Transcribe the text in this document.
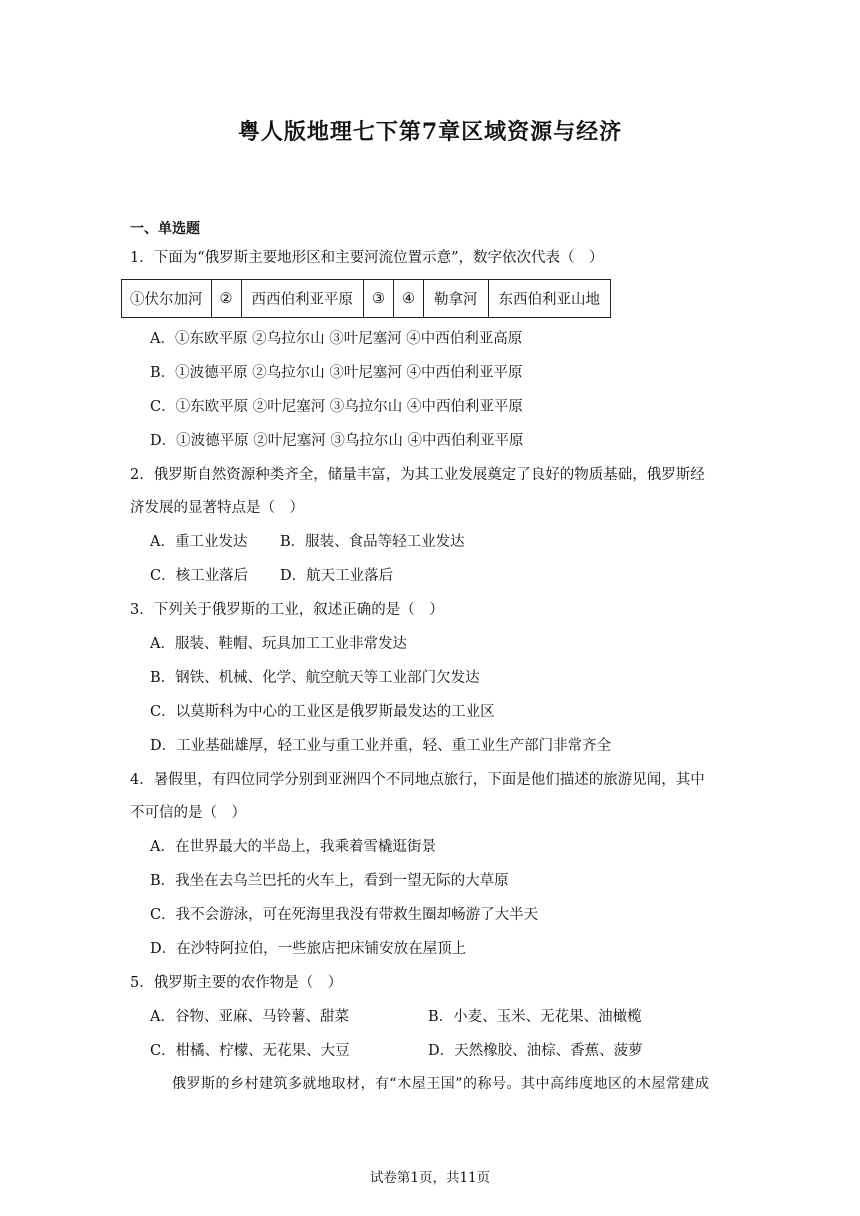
粤人版地理七下第7章区域资源与经济
一、单选题
1．下面为“俄罗斯主要地形区和主要河流位置示意”，数字依次代表（　）
①伏尔加河	②	西西伯利亚平原	③	④	勒拿河	东西伯利亚山地
A．①东欧平原 ②乌拉尔山 ③叶尼塞河 ④中西伯利亚高原
B．①波德平原 ②乌拉尔山 ③叶尼塞河 ④中西伯利亚平原
C．①东欧平原 ②叶尼塞河 ③乌拉尔山 ④中西伯利亚平原
D．①波德平原 ②叶尼塞河 ③乌拉尔山 ④中西伯利亚平原
2．俄罗斯自然资源种类齐全，储量丰富，为其工业发展奠定了良好的物质基础，俄罗斯经
济发展的显著特点是（　）
A．重工业发达 B．服装、食品等轻工业发达
C．核工业落后 D．航天工业落后
3．下列关于俄罗斯的工业，叙述正确的是（　）
A．服装、鞋帽、玩具加工工业非常发达
B．钢铁、机械、化学、航空航天等工业部门欠发达
C．以莫斯科为中心的工业区是俄罗斯最发达的工业区
D．工业基础雄厚，轻工业与重工业并重，轻、重工业生产部门非常齐全
4．暑假里，有四位同学分别到亚洲四个不同地点旅行，下面是他们描述的旅游见闻，其中
不可信的是（　）
A．在世界最大的半岛上，我乘着雪橇逛街景
B．我坐在去乌兰巴托的火车上，看到一望无际的大草原
C．我不会游泳，可在死海里我没有带救生圈却畅游了大半天
D．在沙特阿拉伯，一些旅店把床铺安放在屋顶上
5．俄罗斯主要的农作物是（　）
A．谷物、亚麻、马铃薯、甜菜	B．小麦、玉米、无花果、油橄榄
C．柑橘、柠檬、无花果、大豆	D．天然橡胶、油棕、香蕉、菠萝
俄罗斯的乡村建筑多就地取材，有“木屋王国”的称号。其中高纬度地区的木屋常建成
试卷第1页，共11页
